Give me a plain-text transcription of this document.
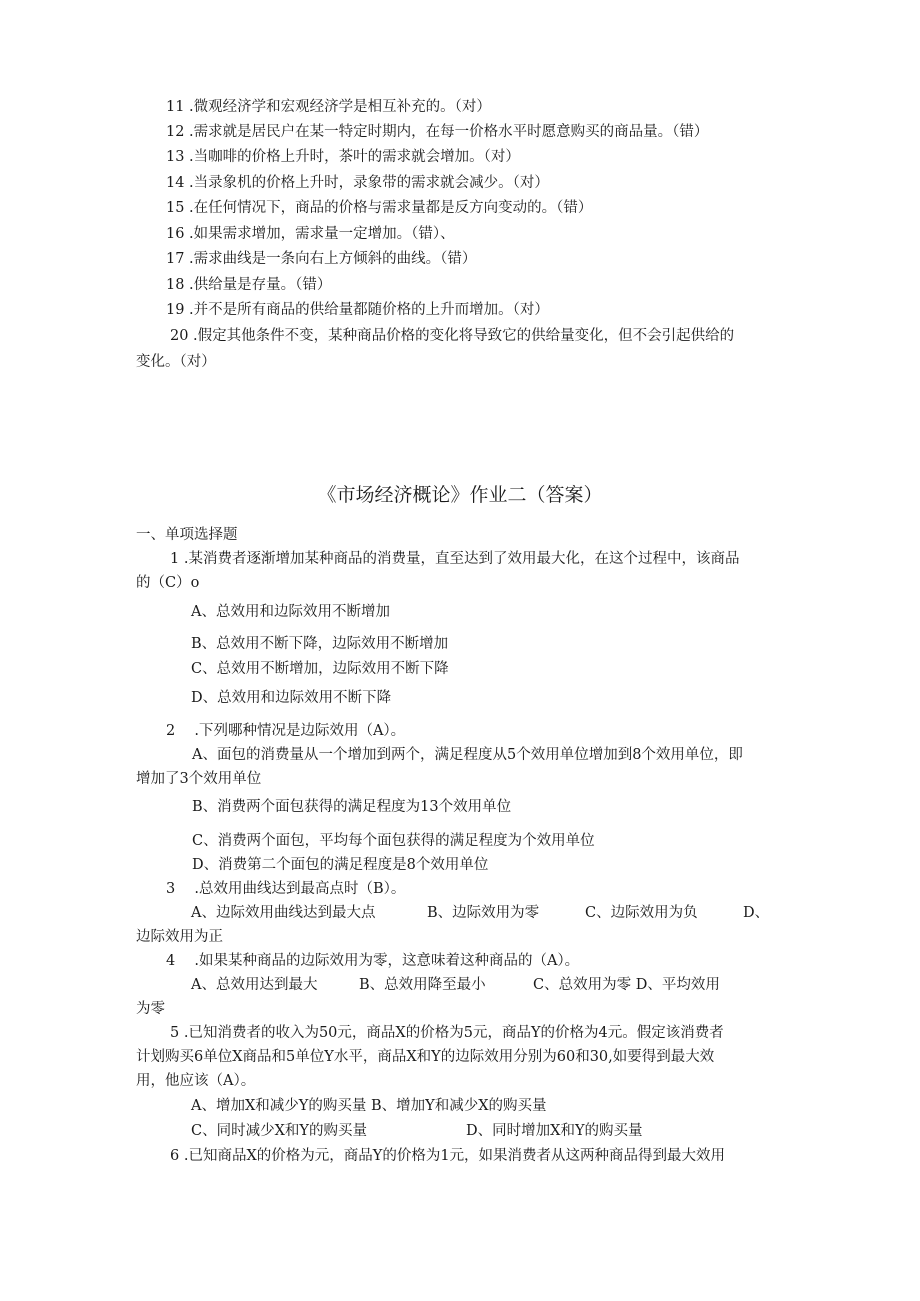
11 .微观经济学和宏观经济学是相互补充的。（对）
12 .需求就是居民户在某一特定时期内，在每一价格水平时愿意购买的商品量。（错）
13 .当咖啡的价格上升时，茶叶的需求就会增加。（对）
14 .当录象机的价格上升时，录象带的需求就会减少。（对）
15 .在任何情况下，商品的价格与需求量都是反方向变动的。（错）
16 .如果需求增加，需求量一定增加。（错）、
17 .需求曲线是一条向右上方倾斜的曲线。（错）
18 .供给量是存量。（错）
19 .并不是所有商品的供给量都随价格的上升而增加。（对）
20 .假定其他条件不变，某种商品价格的变化将导致它的供给量变化，但不会引起供给的
变化。（对）
《市场经济概论》作业二（答案）
一、单项选择题
1 .某消费者逐渐增加某种商品的消费量，直至达到了效用最大化，在这个过程中，该商品
的（C）o
A、总效用和边际效用不断增加
B、总效用不断下降，边际效用不断增加
C、总效用不断增加，边际效用不断下降
D、总效用和边际效用不断下降
2　 .下列哪种情况是边际效用（A）。
A、面包的消费量从一个增加到两个，满足程度从5个效用单位增加到8个效用单位，即
增加了3个效用单位
B、消费两个面包获得的满足程度为13个效用单位
C、消费两个面包，平均每个面包获得的满足程度为个效用单位
D、消费第二个面包的满足程度是8个效用单位
3　 .总效用曲线达到最高点时（B）。
A、边际效用曲线达到最大点	B、边际效用为零	C、边际效用为负	D、
边际效用为正
4　 .如果某种商品的边际效用为零，这意味着这种商品的（A）。
A、总效用达到最大	B、总效用降至最小	C、总效用为零 D、平均效用
为零
5 .已知消费者的收入为50元，商品X的价格为5元，商品Y的价格为4元。假定该消费者
计划购买6单位X商品和5单位Y水平，商品X和Y的边际效用分别为60和30,如要得到最大效
用，他应该（A）。
A、增加X和减少Y的购买量 B、增加Y和减少X的购买量
C、同时减少X和Y的购买量	D、同时增加X和Y的购买量
6 .已知商品X的价格为元，商品Y的价格为1元，如果消费者从这两种商品得到最大效用
